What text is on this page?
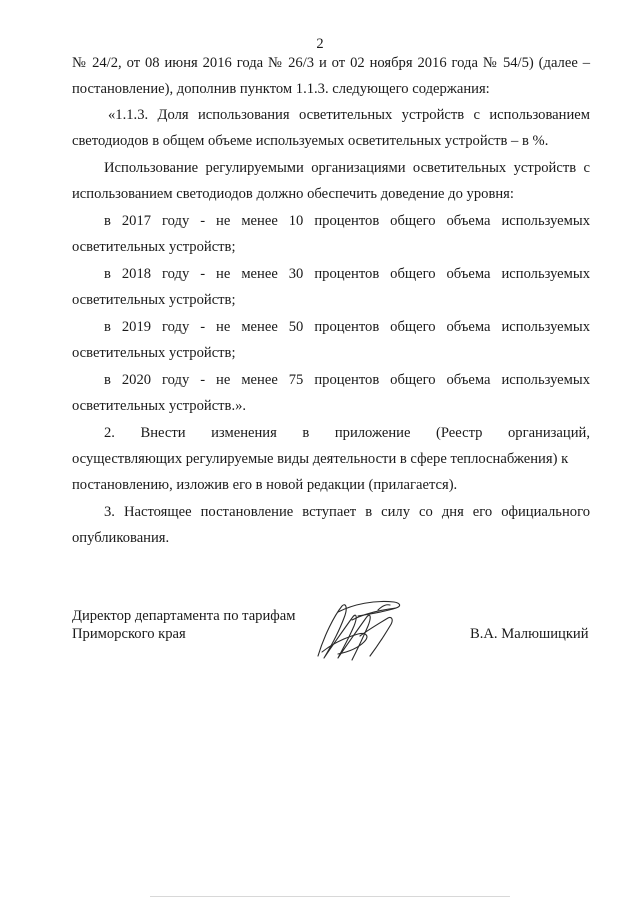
2
№ 24/2, от 08 июня 2016 года № 26/3 и от 02 ноября 2016 года № 54/5) (далее –
постановление), дополнив пунктом 1.1.3. следующего содержания:
«1.1.3. Доля использования осветительных устройств с использованием
светодиодов в общем объеме используемых осветительных устройств – в %.
Использование регулируемыми организациями осветительных устройств с
использованием светодиодов должно обеспечить доведение до уровня:
в 2017 году - не менее 10 процентов общего объема используемых
осветительных устройств;
в 2018 году - не менее 30 процентов общего объема используемых
осветительных устройств;
в 2019 году - не менее 50 процентов общего объема используемых
осветительных устройств;
в 2020 году - не менее 75 процентов общего объема используемых
осветительных устройств.».
2. Внести изменения в приложение (Реестр организаций,
осуществляющих регулируемые виды деятельности в сфере теплоснабжения) к
постановлению, изложив его в новой редакции (прилагается).
3. Настоящее постановление вступает в силу со дня его официального
опубликования.
Директор департамента по тарифам
Приморского края	В.А. Малюшицкий
